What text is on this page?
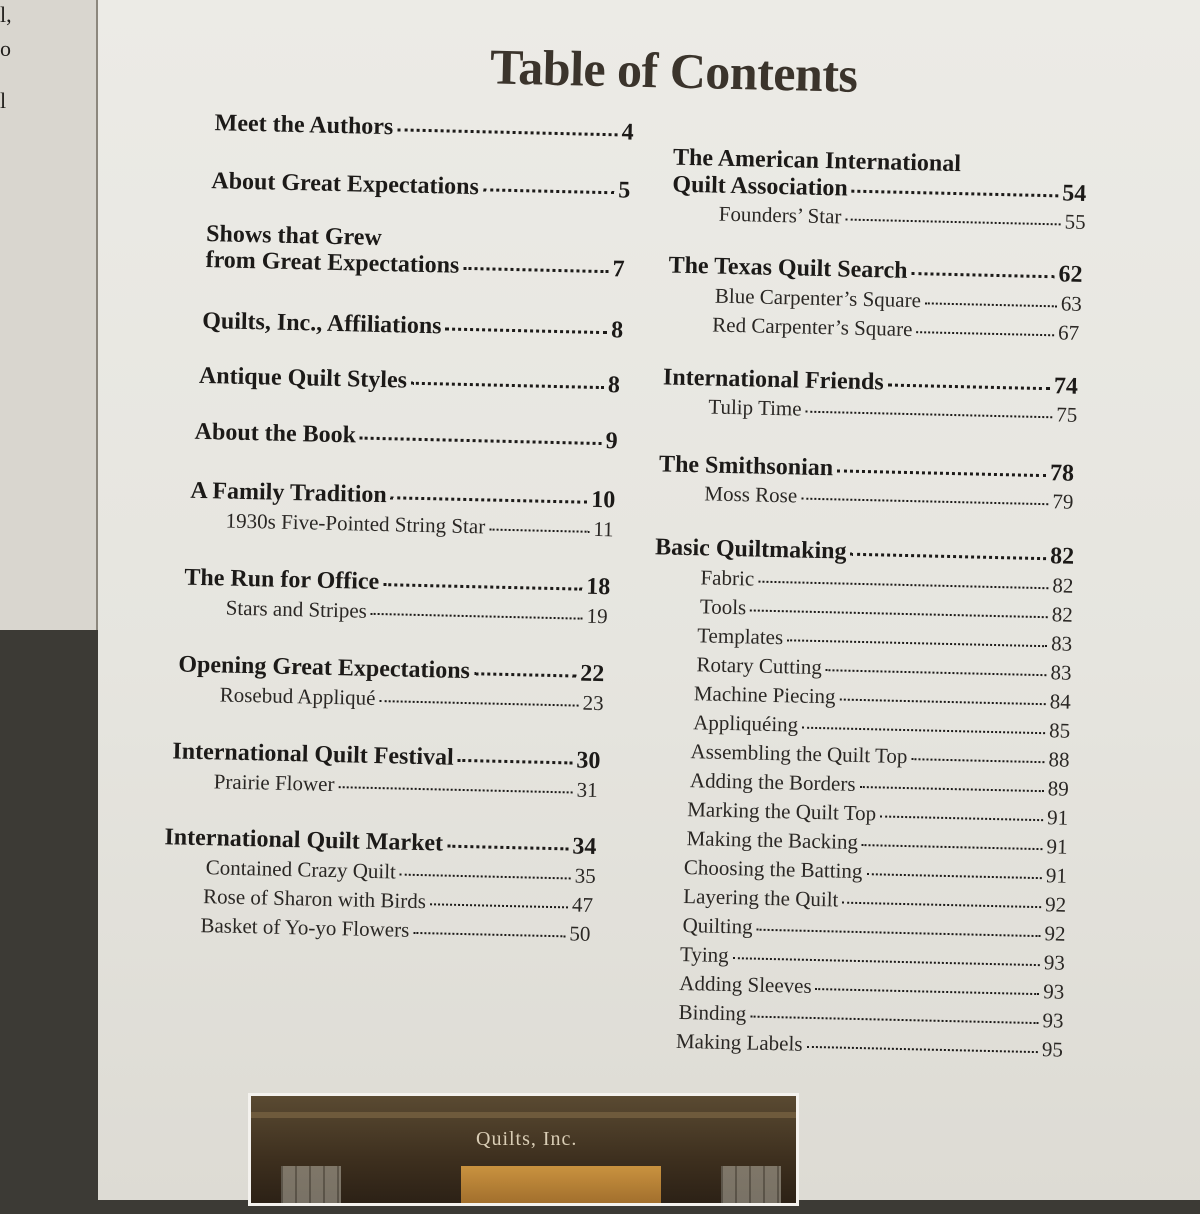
l,
o
l	Table of Contents
Meet the Authors	4
About Great Expectations	5
Shows that Grew
from Great Expectations	7
Quilts, Inc., Affiliations	8
Antique Quilt Styles	8
About the Book	9
A Family Tradition	10
1930s Five-Pointed String Star	11
The Run for Office	18
Stars and Stripes	19
Opening Great Expectations	22
Rosebud Appliqué	23
International Quilt Festival	30
Prairie Flower	31
International Quilt Market	34
Contained Crazy Quilt	35
Rose of Sharon with Birds	47
Basket of Yo-yo Flowers	50
The American International
Quilt Association	54
Founders’ Star	55
The Texas Quilt Search	62
Blue Carpenter’s Square	63
Red Carpenter’s Square	67
International Friends	74
Tulip Time	75
The Smithsonian	78
Moss Rose	79
Basic Quiltmaking	82
Fabric	82
Tools	82
Templates	83
Rotary Cutting	83
Machine Piecing	84
Appliquéing	85
Assembling the Quilt Top	88
Adding the Borders	89
Marking the Quilt Top	91
Making the Backing	91
Choosing the Batting	91
Layering the Quilt	92
Quilting	92
Tying	93
Adding Sleeves	93
Binding	93
Making Labels	95
Quilts, Inc.
